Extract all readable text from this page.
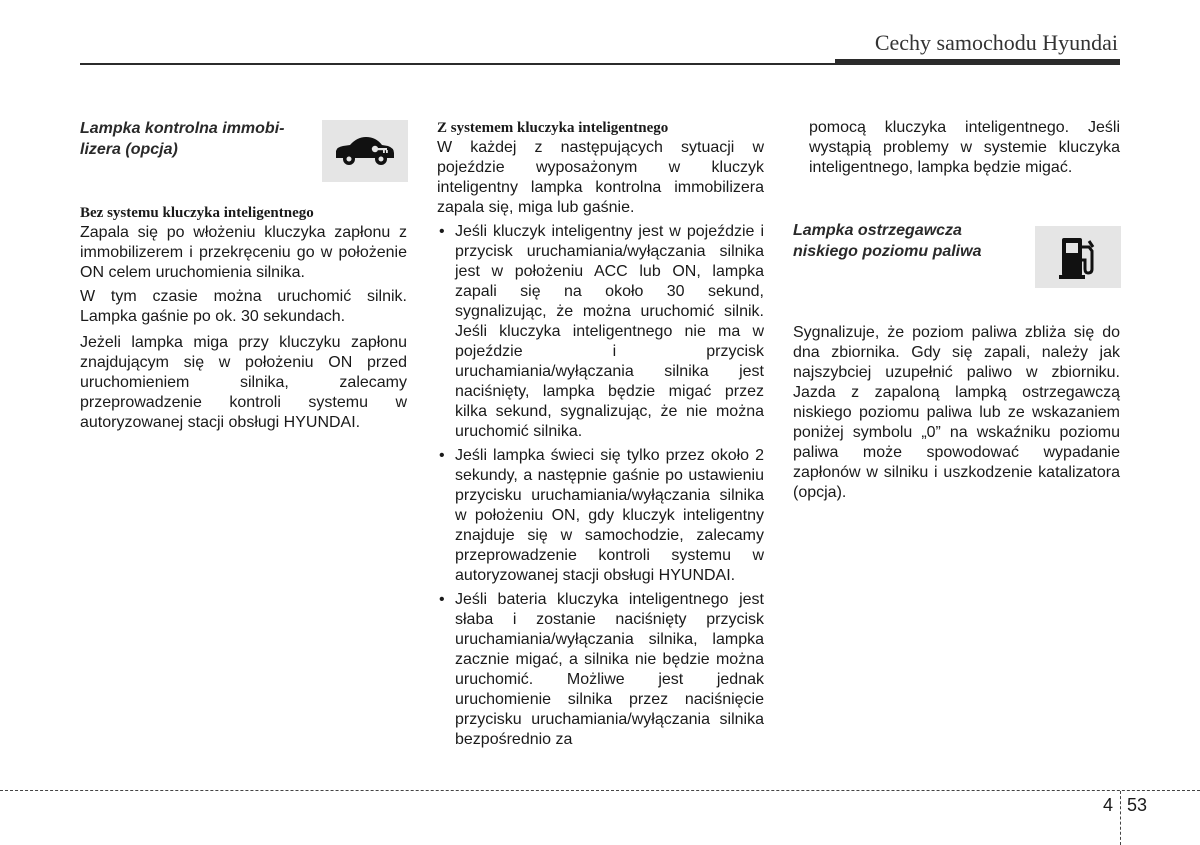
Cechy samochodu Hyundai
Lampka kontrolna immobi-
lizera (opcja)

Bez systemu kluczyka inteligentnego

Zapala się po włożeniu kluczyka zapłonu z immobilizerem i przekręceniu go w położenie ON celem uruchomienia silnika.

W tym czasie można uruchomić silnik. Lampka gaśnie po ok. 30 sekundach.

Jeżeli lampka miga przy kluczyku zapłonu znajdującym się w położeniu ON przed uruchomieniem silnika, zalecamy przeprowadzenie kontroli systemu w autoryzowanej stacji obsługi HYUNDAI.

Z systemem kluczyka inteligentnego

W każdej z następujących sytuacji w pojeździe wyposażonym w kluczyk inteligentny lampka kontrolna immobilizera zapala się, miga lub gaśnie.

• Jeśli kluczyk inteligentny jest w pojeździe i przycisk uruchamiania/wyłączania silnika jest w położeniu ACC lub ON, lampka zapali się na około 30 sekund, sygnalizując, że można uruchomić silnik. Jeśli kluczyka inteligentnego nie ma w pojeździe i przycisk uruchamiania/wyłączania silnika jest naciśnięty, lampka będzie migać przez kilka sekund, sygnalizując, że nie można uruchomić silnika.
• Jeśli lampka świeci się tylko przez około 2 sekundy, a następnie gaśnie po ustawieniu przycisku uruchamiania/wyłączania silnika w położeniu ON, gdy kluczyk inteligentny znajduje się w samochodzie, zalecamy przeprowadzenie kontroli systemu w autoryzowanej stacji obsługi HYUNDAI.
• Jeśli bateria kluczyka inteligentnego jest słaba i zostanie naciśnięty przycisk uruchamiania/wyłączania silnika, lampka zacznie migać, a silnika nie będzie można uruchomić. Możliwe jest jednak uruchomienie silnika przez naciśnięcie przycisku uruchamiania/wyłączania silnika bezpośrednio za

pomocą kluczyka inteligentnego. Jeśli wystąpią problemy w systemie kluczyka inteligentnego, lampka będzie migać.

Lampka ostrzegawcza
niskiego poziomu paliwa

Sygnalizuje, że poziom paliwa zbliża się do dna zbiornika. Gdy się zapali, należy jak najszybciej uzupełnić paliwo w zbiorniku. Jazda z zapaloną lampką ostrzegawczą niskiego poziomu paliwa lub ze wskazaniem poniżej symbolu „0” na wskaźniku poziomu paliwa może spowodować wypadanie zapłonów w silniku i uszkodzenie katalizatora (opcja).

4 53
